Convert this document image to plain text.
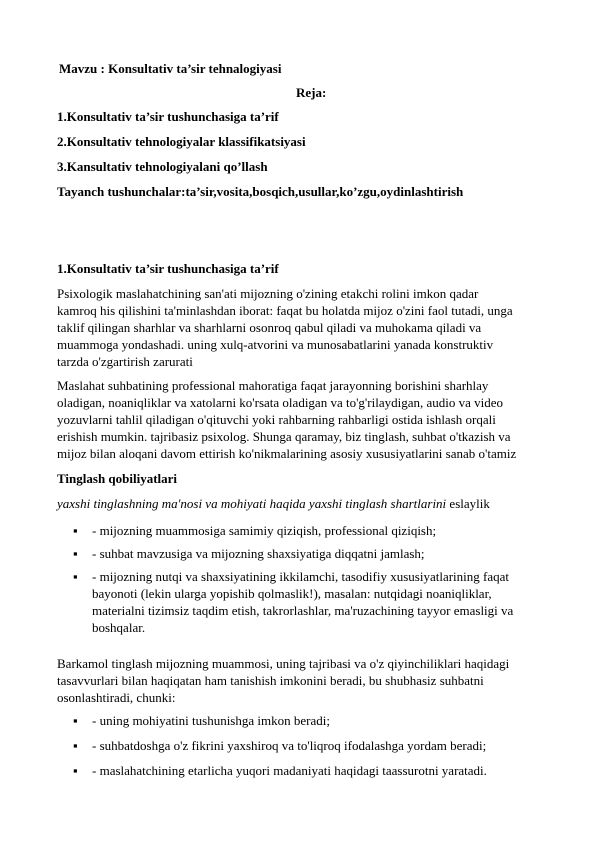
Mavzu : Konsultativ ta’sir tehnalogiyasi
Reja:
1.Konsultativ ta’sir tushunchasiga ta’rif
2.Konsultativ tehnologiyalar klassifikatsiyasi
3.Kansultativ tehnologiyalani qo’llash
Tayanch tushunchalar:ta’sir,vosita,bosqich,usullar,ko’zgu,oydinlashtirish
1.Konsultativ ta’sir tushunchasiga ta’rif

Psixologik maslahatchining san'ati mijozning o'zining etakchi rolini imkon qadar

kamroq his qilishini ta'minlashdan iborat: faqat bu holatda mijoz o'zini faol tutadi, unga

taklif qilingan sharhlar va sharhlarni osonroq qabul qiladi va muhokama qiladi va

muammoga yondashadi. uning xulq-atvorini va munosabatlarini yanada konstruktiv

tarzda o'zgartirish zarurati

Maslahat suhbatining professional mahoratiga faqat jarayonning borishini sharhlay

oladigan, noaniqliklar va xatolarni ko'rsata oladigan va to'g'rilaydigan, audio va video

yozuvlarni tahlil qiladigan o'qituvchi yoki rahbarning rahbarligi ostida ishlash orqali

erishish mumkin. tajribasiz psixolog. Shunga qaramay, biz tinglash, suhbat o'tkazish va

mijoz bilan aloqani davom ettirish ko'nikmalarining asosiy xususiyatlarini sanab o'tamiz

Tinglash qobiliyatlari
yaxshi tinglashning ma'nosi va mohiyati haqida yaxshi tinglash shartlarini eslaylik
▪ - mijozning muammosiga samimiy qiziqish, professional qiziqish;
▪ - suhbat mavzusiga va mijozning shaxsiyatiga diqqatni jamlash;
▪ - mijozning nutqi va shaxsiyatining ikkilamchi, tasodifiy xususiyatlarining faqat
bayonoti (lekin ularga yopishib qolmaslik!), masalan: nutqidagi noaniqliklar,
materialni tizimsiz taqdim etish, takrorlashlar, ma'ruzachining tayyor emasligi va
boshqalar.

Barkamol tinglash mijozning muammosi, uning tajribasi va o'z qiyinchiliklari haqidagi

tasavvurlari bilan haqiqatan ham tanishish imkonini beradi, bu shubhasiz suhbatni

osonlashtiradi, chunki:

▪ - uning mohiyatini tushunishga imkon beradi;
▪ - suhbatdoshga o'z fikrini yaxshiroq va to'liqroq ifodalashga yordam beradi;
▪ - maslahatchining etarlicha yuqori madaniyati haqidagi taassurotni yaratadi.
